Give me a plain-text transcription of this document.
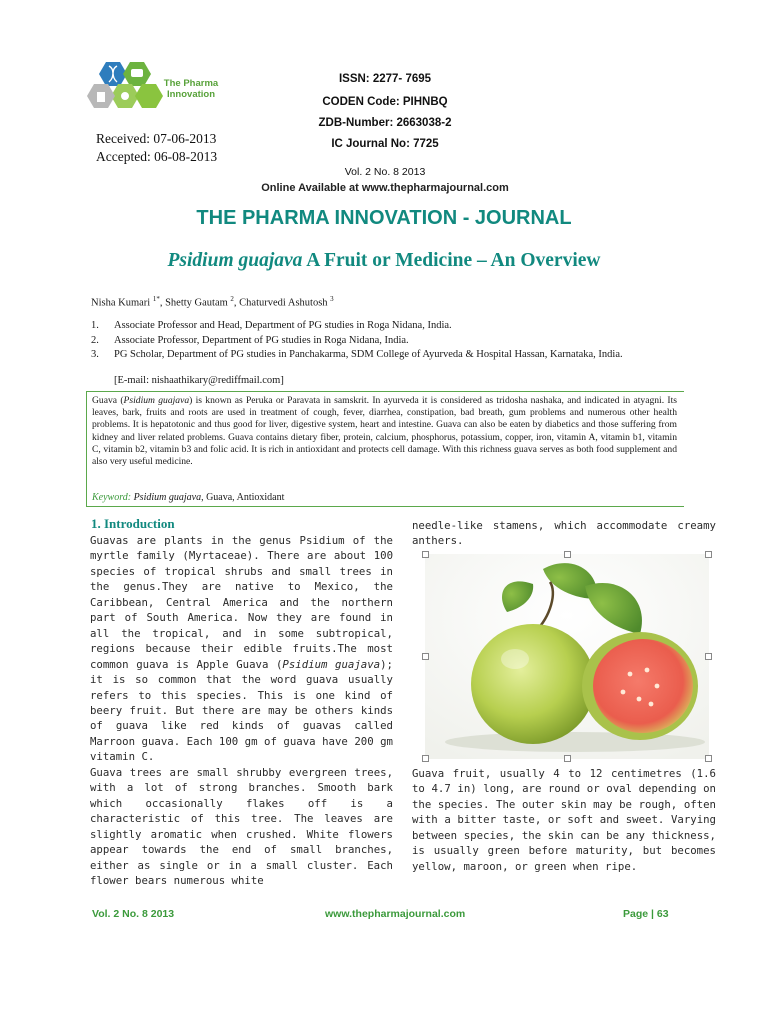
The Pharma
Innovation
ISSN: 2277- 7695
CODEN Code: PIHNBQ
ZDB-Number: 2663038-2
IC Journal No: 7725
Vol. 2 No. 8 2013
Online Available at www.thepharmajournal.com
Received: 07-06-2013
Accepted: 06-08-2013
THE PHARMA INNOVATION - JOURNAL
Psidium guajava A Fruit or Medicine – An Overview
Nisha Kumari $^{1*}$, Shetty Gautam $^2$, Chaturvedi Ashutosh $^3$
1. Associate Professor and Head, Department of PG studies in Roga Nidana, India.
2. Associate Professor, Department of PG studies in Roga Nidana, India.
3. PG Scholar, Department of PG studies in Panchakarma, SDM College of Ayurveda & Hospital Hassan, Karnataka, India.
[E-mail: nishaathikary@rediffmail.com]
Guava (Psidium guajava) is known as Peruka or Paravata in samskrit. In ayurveda it is considered as tridosha nashaka, and indicated in atyagni. Its leaves, bark, fruits and roots are used in treatment of cough, fever, diarrhea, constipation, bad breath, gum problems and numerous other health problems. It is hepatotonic and thus good for liver, digestive system, heart and intestine. Guava can also be eaten by diabetics and those suffering from kidney and liver related problems. Guava contains dietary fiber, protein, calcium, phosphorus, potassium, copper, iron, vitamin A, vitamin b1, vitamin C, vitamin b2, vitamin b3 and folic acid. It is rich in antioxidant and protects cell damage. With this richness guava serves as both food supplement and also very useful medicine.
Keyword: Psidium guajava, Guava, Antioxidant
1. Introduction

Guavas are plants in the genus Psidium of the myrtle family (Myrtaceae). There are about 100 species of tropical shrubs and small trees in the genus.They are native to Mexico, the Caribbean, Central America and the northern part of South America. Now they are found in all the tropical, and in some subtropical, regions because their edible fruits.The most common guava is Apple Guava (Psidium guajava); it is so common that the word guava usually refers to this species. This is one kind of beery fruit. But there are may be others kinds of guava like red kinds of guavas called Marroon guava. Each 100 gm of guava have 200 gm vitamin C.

Guava trees are small shrubby evergreen trees, with a lot of strong branches. Smooth bark which occasionally flakes off is a characteristic of this tree. The leaves are slightly aromatic when crushed. White flowers appear towards the end of small branches, either as single or in a small cluster. Each flower bears numerous white

needle-like stamens, which accommodate creamy anthers.
Guava fruit, usually 4 to 12 centimetres (1.6 to 4.7 in) long, are round or oval depending on the species. The outer skin may be rough, often with a bitter taste, or soft and sweet. Varying between species, the skin can be any thickness, is usually green before maturity, but becomes yellow, maroon, or green when ripe.
Vol. 2 No. 8 2013	www.thepharmajournal.com	Page | 63
